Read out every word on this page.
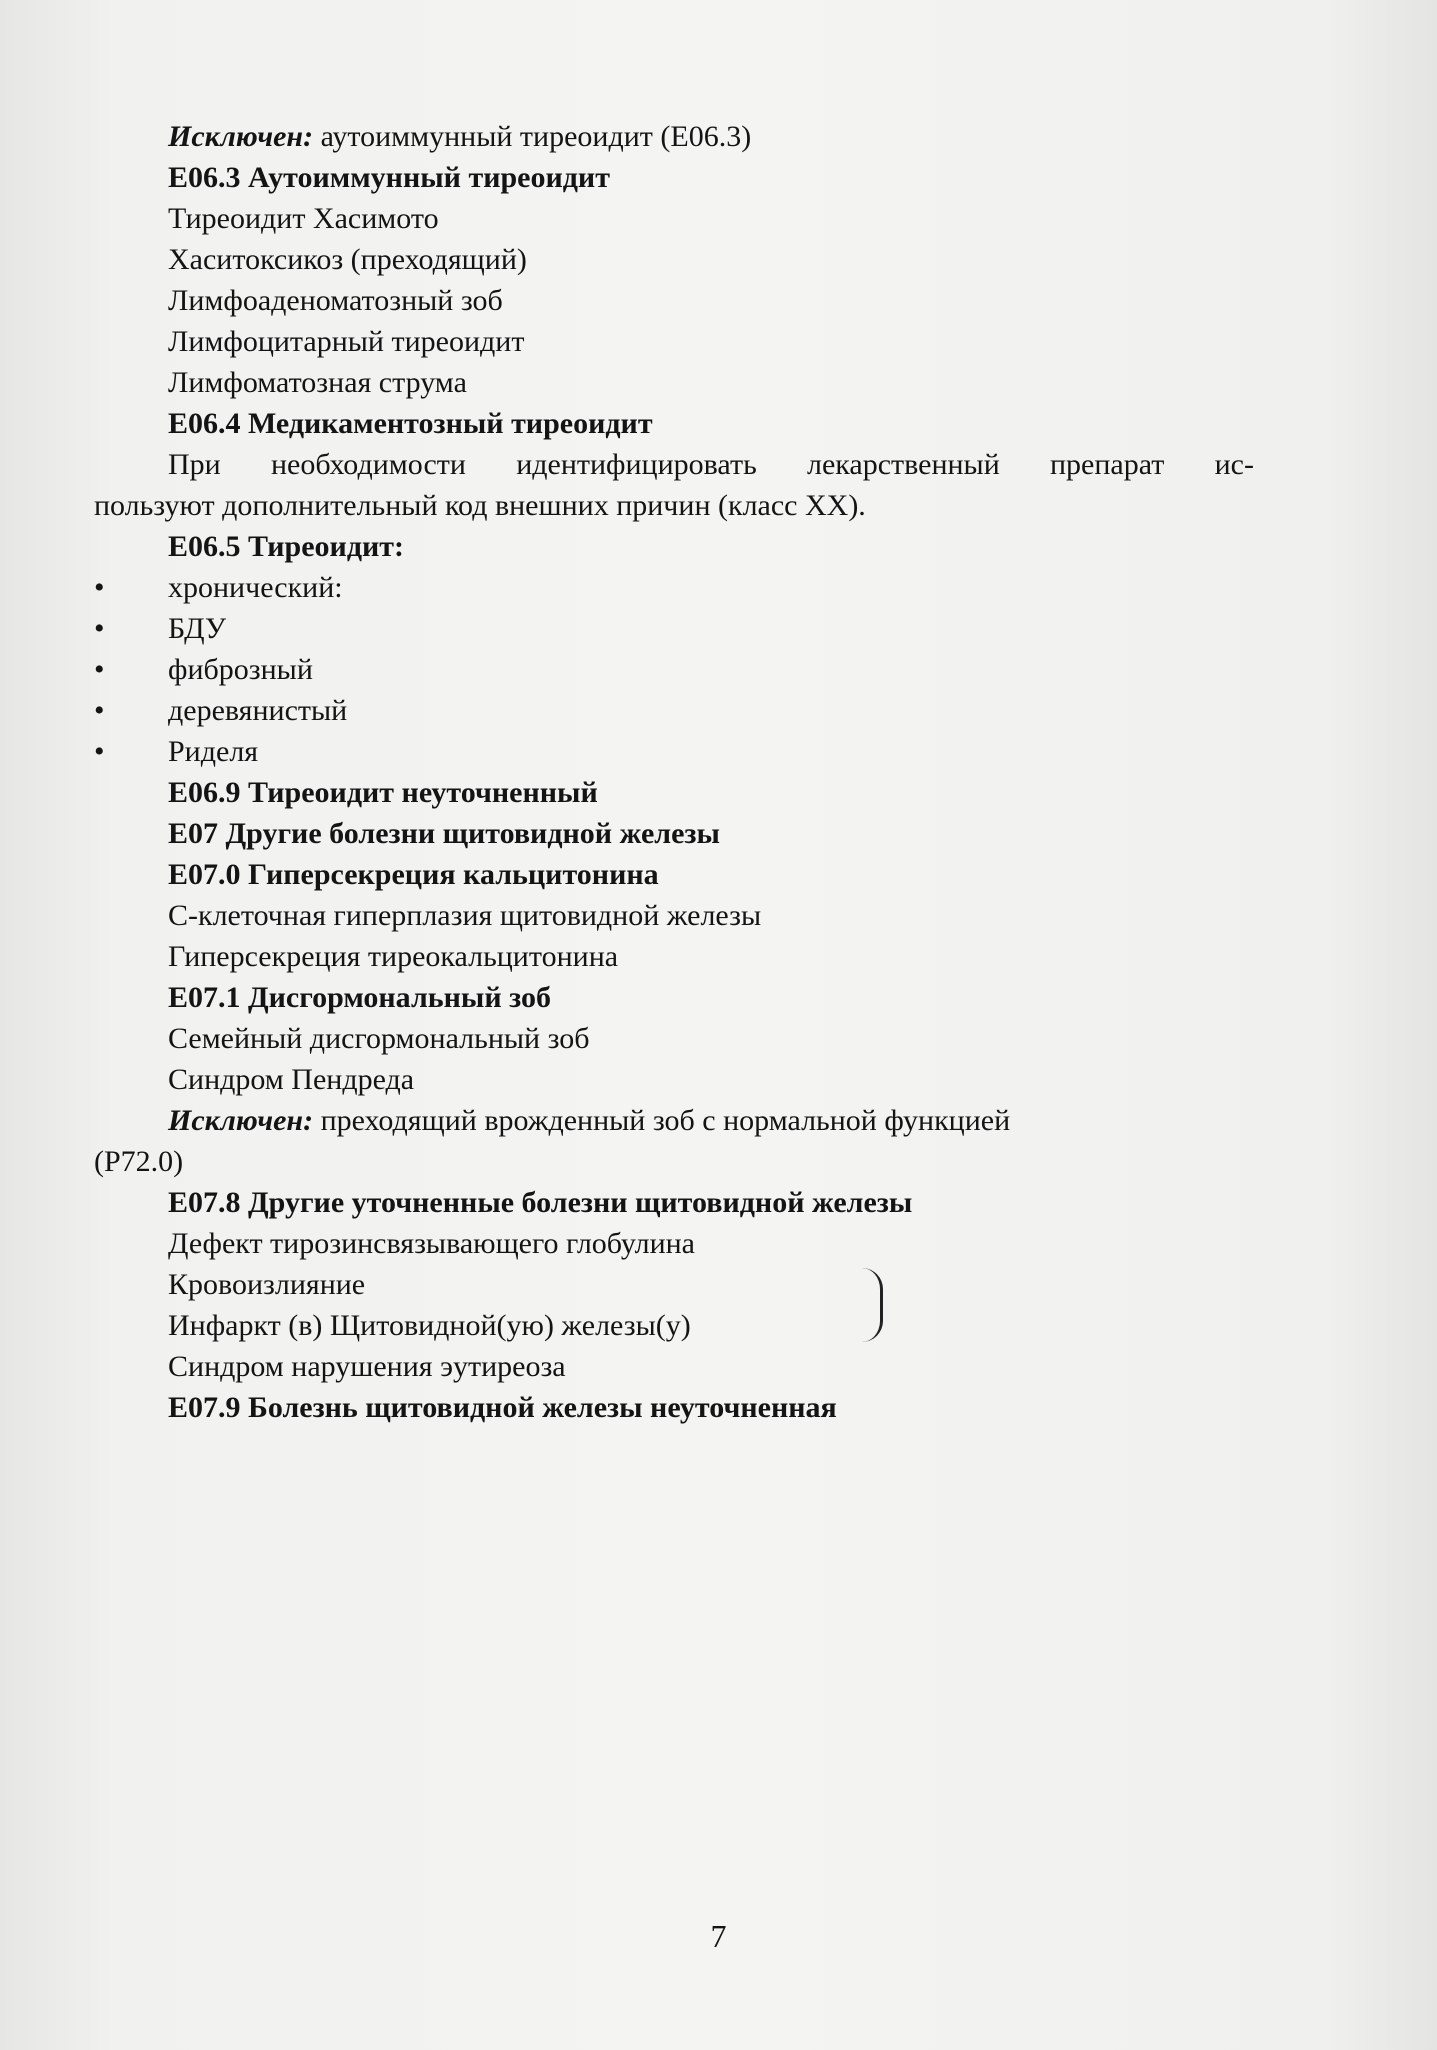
Исключен: аутоиммунный тиреоидит (E06.3)
E06.3 Аутоиммунный тиреоидит
Тиреоидит Хасимото
Хаситоксикоз (преходящий)
Лимфоаденоматозный зоб
Лимфоцитарный тиреоидит
Лимфоматозная струма
E06.4 Медикаментозный тиреоидит
При необходимости идентифицировать лекарственный препарат ис-
пользуют дополнительный код внешних причин (класс XX).
E06.5 Тиреоидит:
• хронический:
• БДУ
• фиброзный
• деревянистый
• Риделя
E06.9 Тиреоидит неуточненный
E07 Другие болезни щитовидной железы
E07.0 Гиперсекреция кальцитонина
С-клеточная гиперплазия щитовидной железы
Гиперсекреция тиреокальцитонина
E07.1 Дисгормональный зоб
Семейный дисгормональный зоб
Синдром Пендреда
Исключен: преходящий врожденный зоб с нормальной функцией
(P72.0)
E07.8 Другие уточненные болезни щитовидной железы
Дефект тирозинсвязывающего глобулина
Кровоизлияние
Инфаркт (в) Щитовидной(ую) железы(у)
Синдром нарушения эутиреоза
E07.9 Болезнь щитовидной железы неуточненная
7
